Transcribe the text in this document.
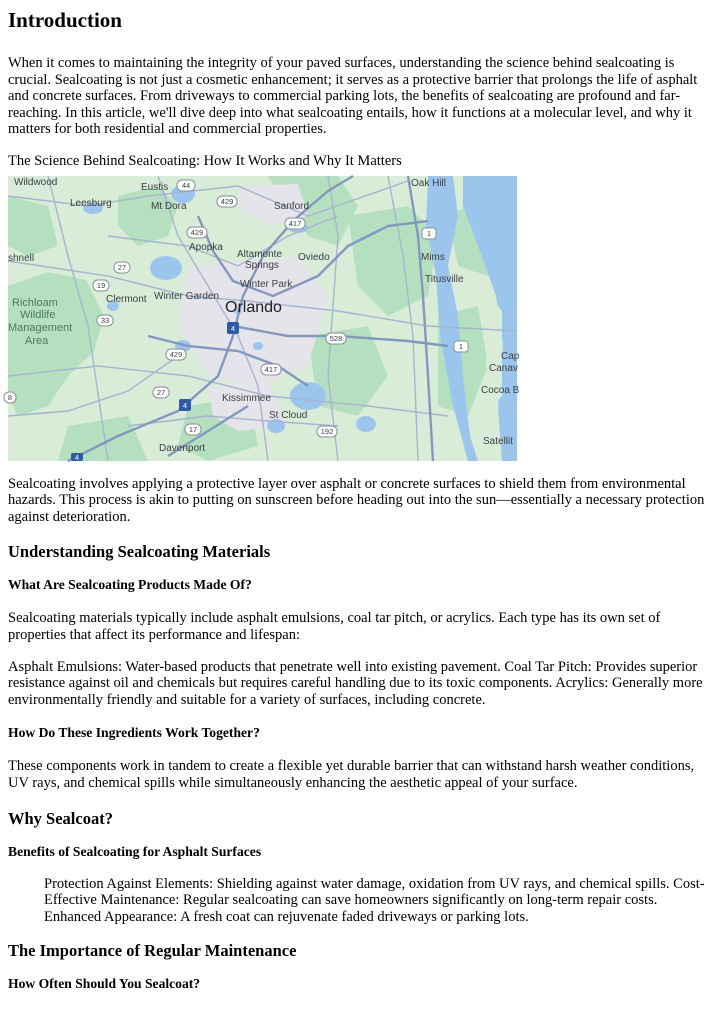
Introduction

When it comes to maintaining the integrity of your paved surfaces, understanding the science behind sealcoating is crucial. Sealcoating is not just a cosmetic enhancement; it serves as a protective barrier that prolongs the life of asphalt and concrete surfaces. From driveways to commercial parking lots, the benefits of sealcoating are profound and far-reaching. In this article, we'll dive deep into what sealcoating entails, how it functions at a molecular level, and why it matters for both residential and commercial properties.

The Science Behind Sealcoating: How It Works and Why It Matters

Wildwood	Eustis
Leesburg	Mt Dora	Sanford
Oak Hill
Apopka
Altamonte
Springs
Oviedo	Mims
shnell
Winter Park	Titusville
Richloam
Wildlife
Management
Area
Clermont Winter Garden
Orlando
Cap
Canav
Kissimmee
Cocoa B
St Cloud
Satellit
Davenport
44
429
417
429
27
19
1
33
528
1
429
417
27
4
192
17
4
4
8

Sealcoating involves applying a protective layer over asphalt or concrete surfaces to shield them from environmental hazards. This process is akin to putting on sunscreen before heading out into the sun—essentially a necessary protection against deterioration.

Understanding Sealcoating Materials
What Are Sealcoating Products Made Of?

Sealcoating materials typically include asphalt emulsions, coal tar pitch, or acrylics. Each type has its own set of properties that affect its performance and lifespan:

Asphalt Emulsions: Water-based products that penetrate well into existing pavement. Coal Tar Pitch: Provides superior resistance against oil and chemicals but requires careful handling due to its toxic components. Acrylics: Generally more environmentally friendly and suitable for a variety of surfaces, including concrete.

How Do These Ingredients Work Together?

These components work in tandem to create a flexible yet durable barrier that can withstand harsh weather conditions, UV rays, and chemical spills while simultaneously enhancing the aesthetic appeal of your surface.

Why Sealcoat?
Benefits of Sealcoating for Asphalt Surfaces

Protection Against Elements: Shielding against water damage, oxidation from UV rays, and chemical spills. Cost-Effective Maintenance: Regular sealcoating can save homeowners significantly on long-term repair costs. Enhanced Appearance: A fresh coat can rejuvenate faded driveways or parking lots.

The Importance of Regular Maintenance
How Often Should You Sealcoat?
